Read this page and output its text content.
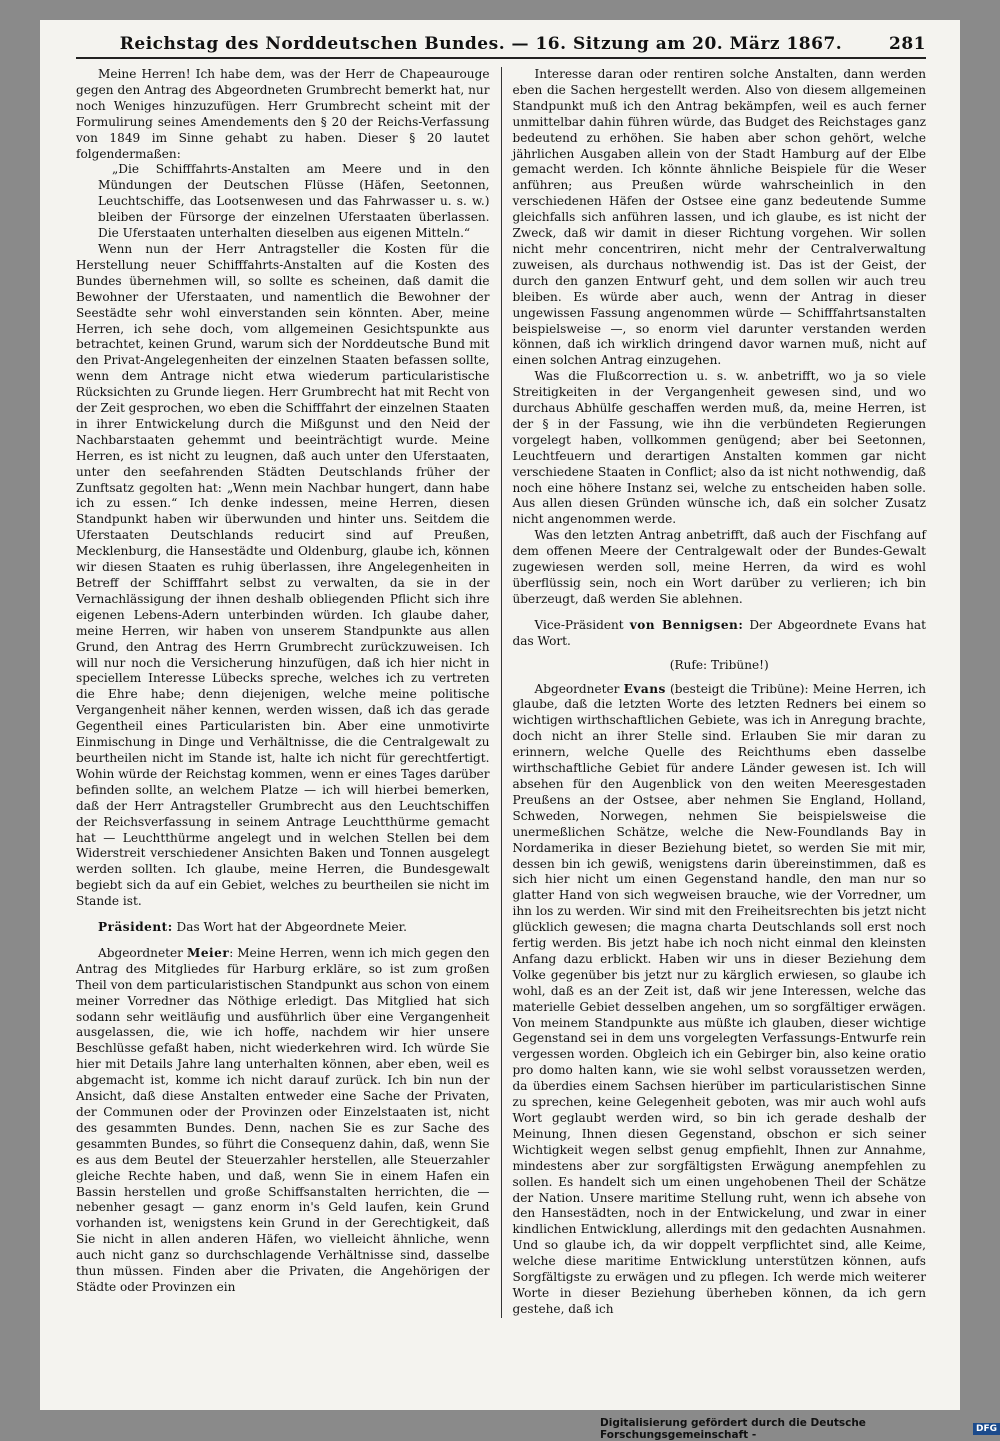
Reichstag des Norddeutschen Bundes. — 16. Sitzung am 20. März 1867.	281

Meine Herren! Ich habe dem, was der Herr de Chapeaurouge gegen den Antrag des Abgeordneten Grumbrecht bemerkt hat, nur noch Weniges hinzuzufügen. Herr Grumbrecht scheint mit der Formulirung seines Amendements den § 20 der Reichs-Verfassung von 1849 im Sinne gehabt zu haben. Dieser § 20 lautet folgendermaßen:

„Die Schifffahrts-Anstalten am Meere und in den Mündungen der Deutschen Flüsse (Häfen, Seetonnen, Leuchtschiffe, das Lootsenwesen und das Fahrwasser u. s. w.) bleiben der Fürsorge der einzelnen Uferstaaten überlassen. Die Uferstaaten unterhalten dieselben aus eigenen Mitteln.“

Wenn nun der Herr Antragsteller die Kosten für die Herstellung neuer Schifffahrts-Anstalten auf die Kosten des Bundes übernehmen will, so sollte es scheinen, daß damit die Bewohner der Uferstaaten, und namentlich die Bewohner der Seestädte sehr wohl einverstanden sein könnten. Aber, meine Herren, ich sehe doch, vom allgemeinen Gesichtspunkte aus betrachtet, keinen Grund, warum sich der Norddeutsche Bund mit den Privat-Angelegenheiten der einzelnen Staaten befassen sollte, wenn dem Antrage nicht etwa wiederum particularistische Rücksichten zu Grunde liegen. Herr Grumbrecht hat mit Recht von der Zeit gesprochen, wo eben die Schifffahrt der einzelnen Staaten in ihrer Entwickelung durch die Mißgunst und den Neid der Nachbarstaaten gehemmt und beeinträchtigt wurde. Meine Herren, es ist nicht zu leugnen, daß auch unter den Uferstaaten, unter den seefahrenden Städten Deutschlands früher der Zunftsatz gegolten hat: „Wenn mein Nachbar hungert, dann habe ich zu essen.“ Ich denke indessen, meine Herren, diesen Standpunkt haben wir überwunden und hinter uns. Seitdem die Uferstaaten Deutschlands reducirt sind auf Preußen, Mecklenburg, die Hansestädte und Oldenburg, glaube ich, können wir diesen Staaten es ruhig überlassen, ihre Angelegenheiten in Betreff der Schifffahrt selbst zu verwalten, da sie in der Vernachlässigung der ihnen deshalb obliegenden Pflicht sich ihre eigenen Lebens-Adern unterbinden würden. Ich glaube daher, meine Herren, wir haben von unserem Standpunkte aus allen Grund, den Antrag des Herrn Grumbrecht zurückzuweisen. Ich will nur noch die Versicherung hinzufügen, daß ich hier nicht in speciellem Interesse Lübecks spreche, welches ich zu vertreten die Ehre habe; denn diejenigen, welche meine politische Vergangenheit näher kennen, werden wissen, daß ich das gerade Gegentheil eines Particularisten bin. Aber eine unmotivirte Einmischung in Dinge und Verhältnisse, die die Centralgewalt zu beurtheilen nicht im Stande ist, halte ich nicht für gerechtfertigt. Wohin würde der Reichstag kommen, wenn er eines Tages darüber befinden sollte, an welchem Platze — ich will hierbei bemerken, daß der Herr Antragsteller Grumbrecht aus den Leuchtschiffen der Reichsverfassung in seinem Antrage Leuchtthürme gemacht hat — Leuchtthürme angelegt und in welchen Stellen bei dem Widerstreit verschiedener Ansichten Baken und Tonnen ausgelegt werden sollten. Ich glaube, meine Herren, die Bundesgewalt begiebt sich da auf ein Gebiet, welches zu beurtheilen sie nicht im Stande ist.

Präsident: Das Wort hat der Abgeordnete Meier.

Abgeordneter Meier: Meine Herren, wenn ich mich gegen den Antrag des Mitgliedes für Harburg erkläre, so ist zum großen Theil von dem particularistischen Standpunkt aus schon von einem meiner Vorredner das Nöthige erledigt. Das Mitglied hat sich sodann sehr weitläufig und ausführlich über eine Vergangenheit ausgelassen, die, wie ich hoffe, nachdem wir hier unsere Beschlüsse gefaßt haben, nicht wiederkehren wird. Ich würde Sie hier mit Details Jahre lang unterhalten können, aber eben, weil es abgemacht ist, komme ich nicht darauf zurück. Ich bin nun der Ansicht, daß diese Anstalten entweder eine Sache der Privaten, der Communen oder der Provinzen oder Einzelstaaten ist, nicht des gesammten Bundes. Denn, nachen Sie es zur Sache des gesammten Bundes, so führt die Consequenz dahin, daß, wenn Sie es aus dem Beutel der Steuerzahler herstellen, alle Steuerzahler gleiche Rechte haben, und daß, wenn Sie in einem Hafen ein Bassin herstellen und große Schiffsanstalten herrichten, die — nebenher gesagt — ganz enorm in's Geld laufen, kein Grund vorhanden ist, wenigstens kein Grund in der Gerechtigkeit, daß Sie nicht in allen anderen Häfen, wo vielleicht ähnliche, wenn auch nicht ganz so durchschlagende Verhältnisse sind, dasselbe thun müssen. Finden aber die Privaten, die Angehörigen der Städte oder Provinzen ein

Interesse daran oder rentiren solche Anstalten, dann werden eben die Sachen hergestellt werden. Also von diesem allgemeinen Standpunkt muß ich den Antrag bekämpfen, weil es auch ferner unmittelbar dahin führen würde, das Budget des Reichstages ganz bedeutend zu erhöhen. Sie haben aber schon gehört, welche jährlichen Ausgaben allein von der Stadt Hamburg auf der Elbe gemacht werden. Ich könnte ähnliche Beispiele für die Weser anführen; aus Preußen würde wahrscheinlich in den verschiedenen Häfen der Ostsee eine ganz bedeutende Summe gleichfalls sich anführen lassen, und ich glaube, es ist nicht der Zweck, daß wir damit in dieser Richtung vorgehen. Wir sollen nicht mehr concentriren, nicht mehr der Centralverwaltung zuweisen, als durchaus nothwendig ist. Das ist der Geist, der durch den ganzen Entwurf geht, und dem sollen wir auch treu bleiben. Es würde aber auch, wenn der Antrag in dieser ungewissen Fassung angenommen würde — Schifffahrtsanstalten beispielsweise —, so enorm viel darunter verstanden werden können, daß ich wirklich dringend davor warnen muß, nicht auf einen solchen Antrag einzugehen.

Was die Flußcorrection u. s. w. anbetrifft, wo ja so viele Streitigkeiten in der Vergangenheit gewesen sind, und wo durchaus Abhülfe geschaffen werden muß, da, meine Herren, ist der § in der Fassung, wie ihn die verbündeten Regierungen vorgelegt haben, vollkommen genügend; aber bei Seetonnen, Leuchtfeuern und derartigen Anstalten kommen gar nicht verschiedene Staaten in Conflict; also da ist nicht nothwendig, daß noch eine höhere Instanz sei, welche zu entscheiden haben solle. Aus allen diesen Gründen wünsche ich, daß ein solcher Zusatz nicht angenommen werde.

Was den letzten Antrag anbetrifft, daß auch der Fischfang auf dem offenen Meere der Centralgewalt oder der Bundes-Gewalt zugewiesen werden soll, meine Herren, da wird es wohl überflüssig sein, noch ein Wort darüber zu verlieren; ich bin überzeugt, daß werden Sie ablehnen.

Vice-Präsident von Bennigsen: Der Abgeordnete Evans hat das Wort.

(Rufe: Tribüne!)

Abgeordneter Evans (besteigt die Tribüne): Meine Herren, ich glaube, daß die letzten Worte des letzten Redners bei einem so wichtigen wirthschaftlichen Gebiete, was ich in Anregung brachte, doch nicht an ihrer Stelle sind. Erlauben Sie mir daran zu erinnern, welche Quelle des Reichthums eben dasselbe wirthschaftliche Gebiet für andere Länder gewesen ist. Ich will absehen für den Augenblick von den weiten Meeresgestaden Preußens an der Ostsee, aber nehmen Sie England, Holland, Schweden, Norwegen, nehmen Sie beispielsweise die unermeßlichen Schätze, welche die New-Foundlands Bay in Nordamerika in dieser Beziehung bietet, so werden Sie mit mir, dessen bin ich gewiß, wenigstens darin übereinstimmen, daß es sich hier nicht um einen Gegenstand handle, den man nur so glatter Hand von sich wegweisen brauche, wie der Vorredner, um ihn los zu werden. Wir sind mit den Freiheitsrechten bis jetzt nicht glücklich gewesen; die magna charta Deutschlands soll erst noch fertig werden. Bis jetzt habe ich noch nicht einmal den kleinsten Anfang dazu erblickt. Haben wir uns in dieser Beziehung dem Volke gegenüber bis jetzt nur zu kärglich erwiesen, so glaube ich wohl, daß es an der Zeit ist, daß wir jene Interessen, welche das materielle Gebiet desselben angehen, um so sorgfältiger erwägen. Von meinem Standpunkte aus müßte ich glauben, dieser wichtige Gegenstand sei in dem uns vorgelegten Verfassungs-Entwurfe rein vergessen worden. Obgleich ich ein Gebirger bin, also keine oratio pro domo halten kann, wie sie wohl selbst voraussetzen werden, da überdies einem Sachsen hierüber im particularistischen Sinne zu sprechen, keine Gelegenheit geboten, was mir auch wohl aufs Wort geglaubt werden wird, so bin ich gerade deshalb der Meinung, Ihnen diesen Gegenstand, obschon er sich seiner Wichtigkeit wegen selbst genug empfiehlt, Ihnen zur Annahme, mindestens aber zur sorgfältigsten Erwägung anempfehlen zu sollen. Es handelt sich um einen ungehobenen Theil der Schätze der Nation. Unsere maritime Stellung ruht, wenn ich absehe von den Hansestädten, noch in der Entwickelung, und zwar in einer kindlichen Entwicklung, allerdings mit den gedachten Ausnahmen. Und so glaube ich, da wir doppelt verpflichtet sind, alle Keime, welche diese maritime Entwicklung unterstützen können, aufs Sorgfältigste zu erwägen und zu pflegen. Ich werde mich weiterer Worte in dieser Beziehung überheben können, da ich gern gestehe, daß ich

Digitalisierung gefördert durch die Deutsche Forschungsgemeinschaft -	DFG
